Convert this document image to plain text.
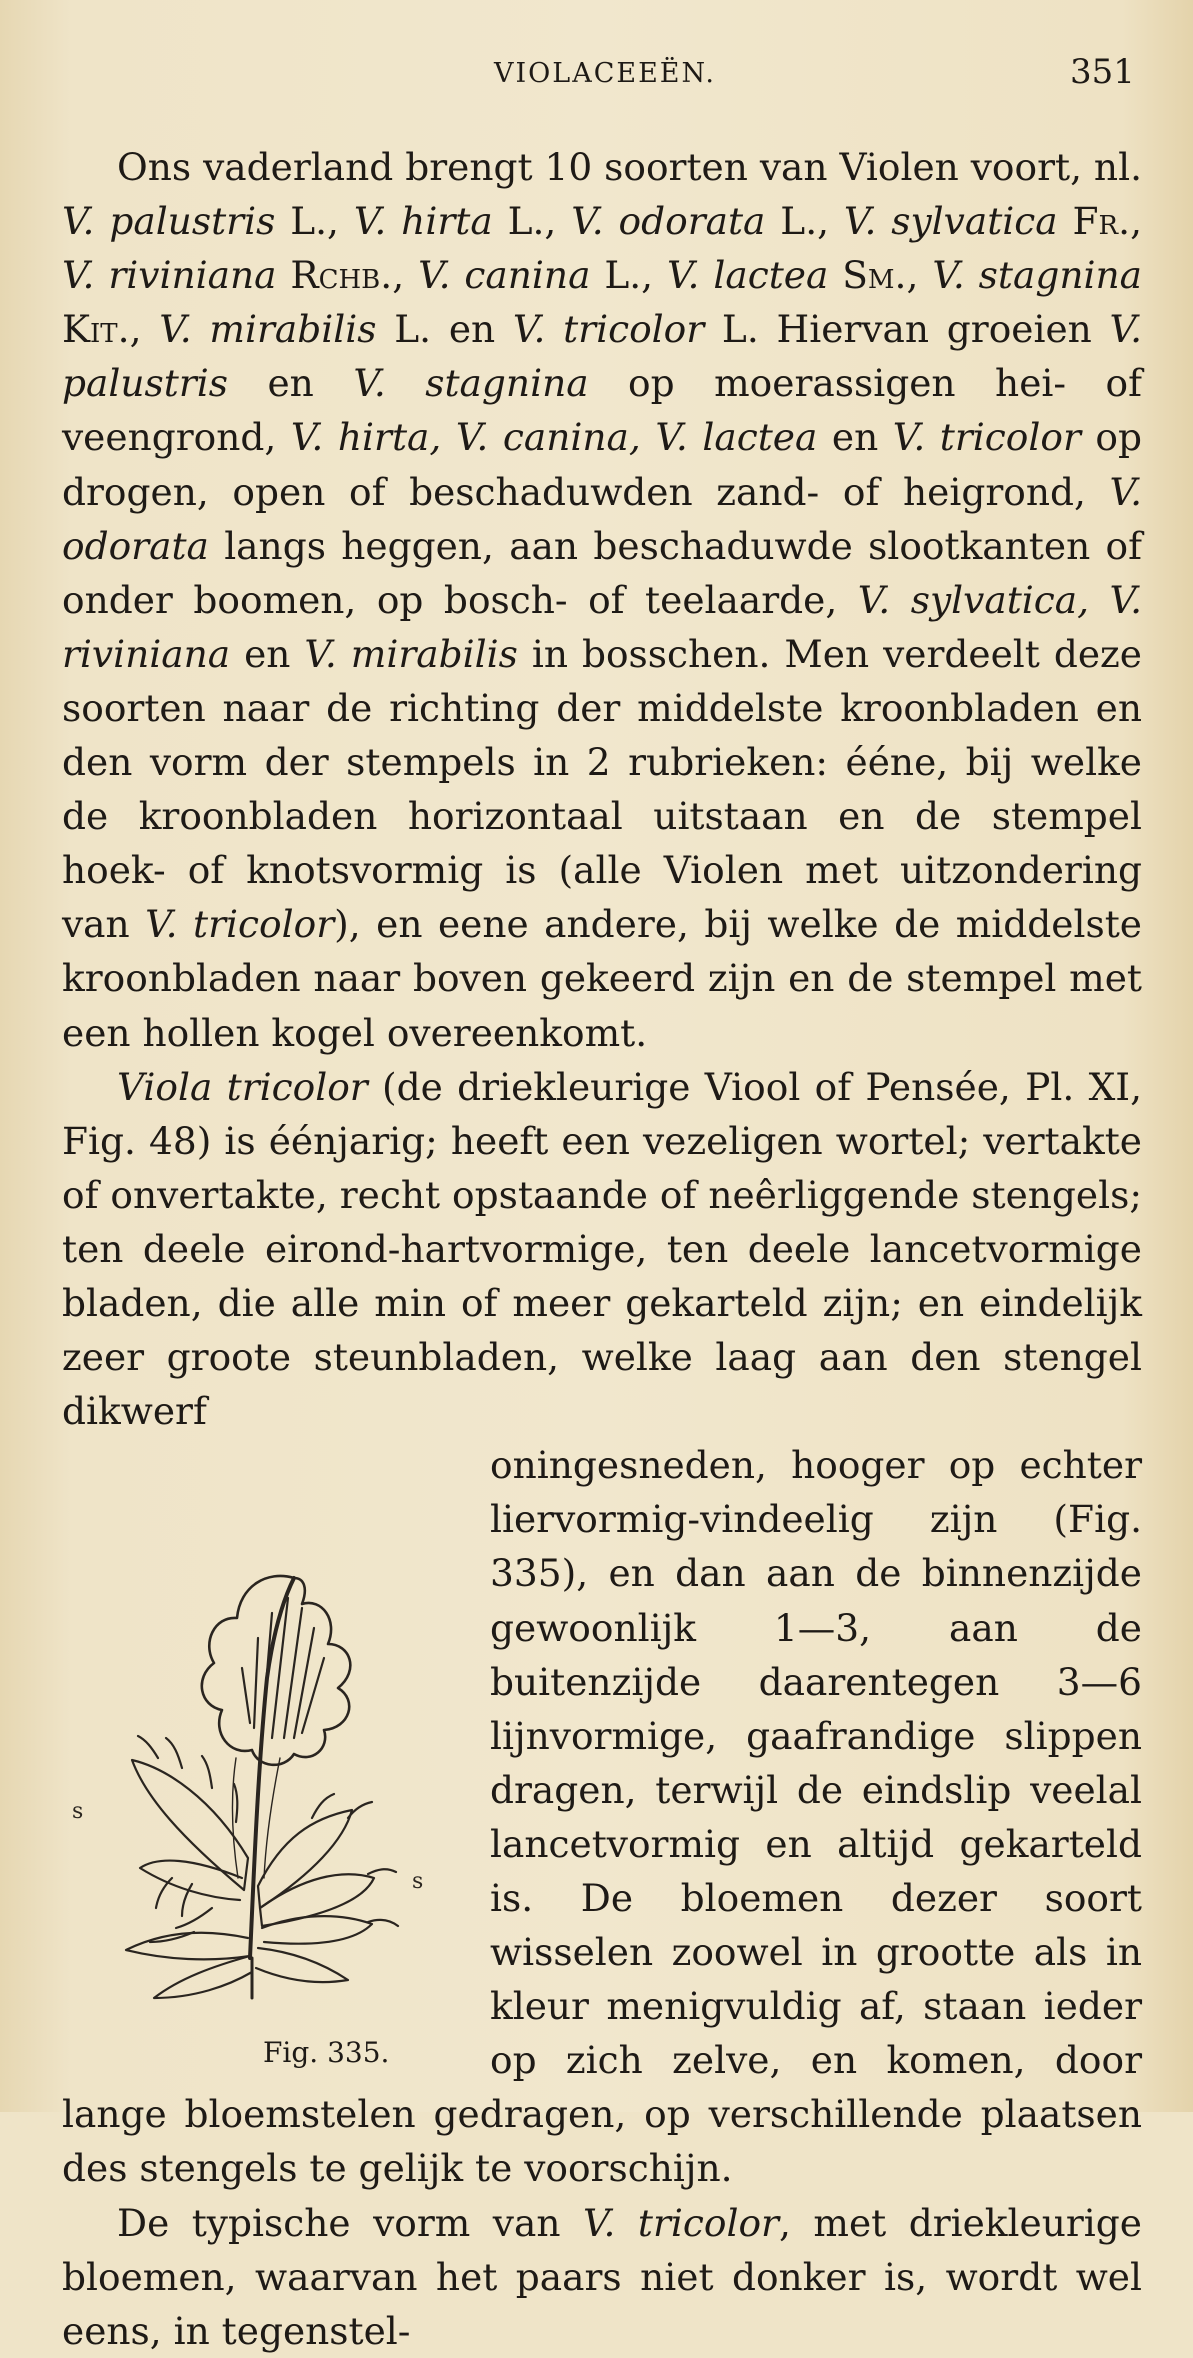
VIOLACEEËN.	351

Ons vaderland brengt 10 soorten van Violen voort, nl. V. palustris L., V. hirta L., V. odorata L., V. sylvatica Fr., V. riviniana Rchb., V. canina L., V. lactea Sm., V. stagnina Kit., V. mirabilis L. en V. tricolor L. Hiervan groeien V. palustris en V. stagnina op moerassigen hei- of veengrond, V. hirta, V. canina, V. lactea en V. tricolor op drogen, open of beschaduwden zand- of heigrond, V. odorata langs heggen, aan beschaduwde slootkanten of onder boomen, op bosch- of teelaarde, V. sylvatica, V. riviniana en V. mirabilis in bosschen. Men verdeelt deze soorten naar de richting der middelste kroonbladen en den vorm der stempels in 2 rubrieken: ééne, bij welke de kroonbladen horizontaal uitstaan en de stempel hoek- of knotsvormig is (alle Violen met uitzondering van V. tricolor), en eene andere, bij welke de middelste kroonbladen naar boven gekeerd zijn en de stempel met een hollen kogel overeenkomt.

Viola tricolor (de driekleurige Viool of Pensée, Pl. XI, Fig. 48) is éénjarig; heeft een vezeligen wortel; vertakte of onvertakte, recht opstaande of neêrliggende stengels; ten deele eirond-hartvormige, ten deele lancetvormige bladen, die alle min of meer gekarteld zijn; en eindelijk zeer groote steunbladen, welke laag aan den stengel dikwerf

s
s
Fig. 335.
oningesneden, hooger op echter liervormig-vindeelig zijn (Fig. 335), en dan aan de binnenzijde gewoonlijk 1—3, aan de buitenzijde daarentegen 3—6 lijnvormige, gaafrandige slippen dragen, terwijl de eindslip veelal lancetvormig en altijd gekarteld is. De bloemen dezer soort wisselen zoowel in grootte als in kleur menigvuldig af, staan ieder op zich zelve, en komen, door lange bloemstelen gedragen, op verschillende plaatsen des stengels te gelijk te voorschijn.

De typische vorm van V. tricolor, met driekleurige bloemen, waarvan het paars niet donker is, wordt wel eens, in tegenstel-
